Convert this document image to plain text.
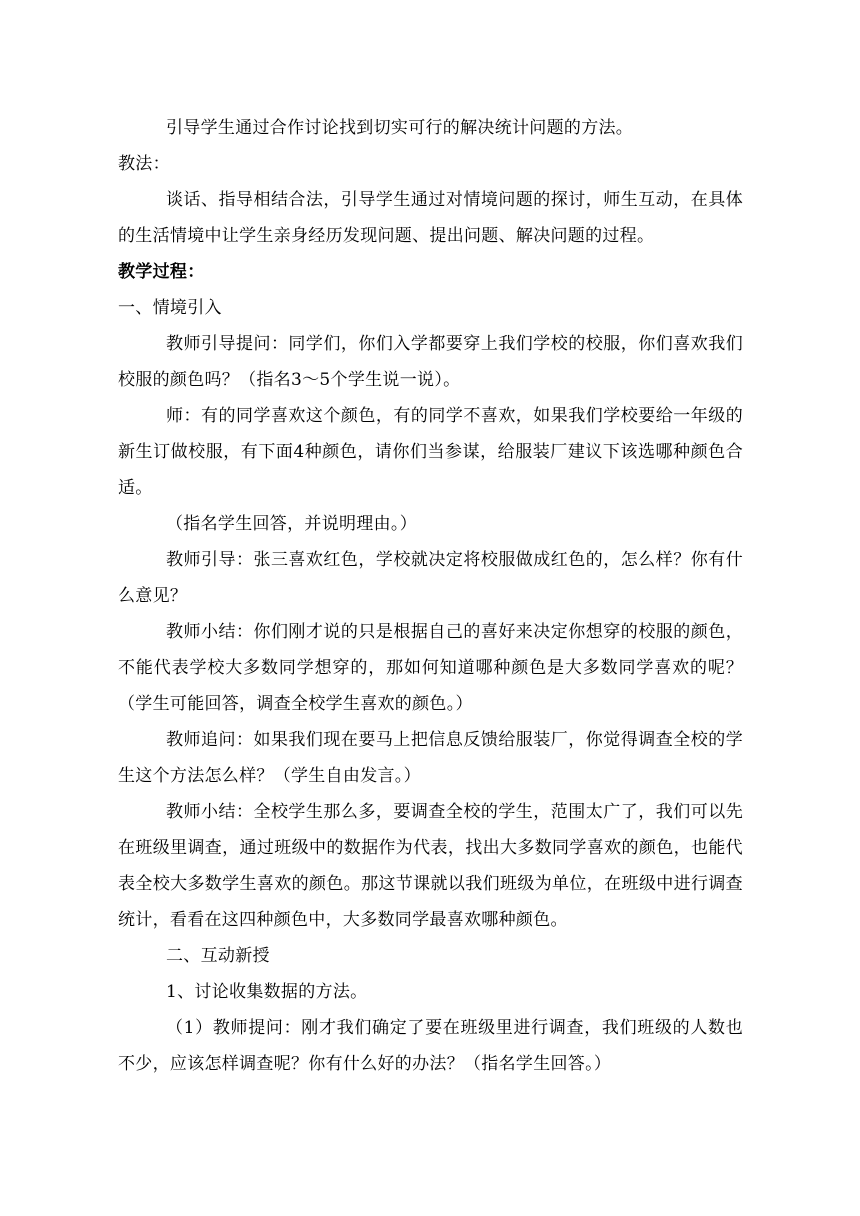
引导学生通过合作讨论找到切实可行的解决统计问题的方法。

教法：

谈话、指导相结合法，引导学生通过对情境问题的探讨，师生互动，在具体的生活情境中让学生亲身经历发现问题、提出问题、解决问题的过程。

教学过程：

一、情境引入

教师引导提问：同学们，你们入学都要穿上我们学校的校服，你们喜欢我们校服的颜色吗？（指名3～5个学生说一说）。

师：有的同学喜欢这个颜色，有的同学不喜欢，如果我们学校要给一年级的新生订做校服，有下面4种颜色，请你们当参谋，给服装厂建议下该选哪种颜色合适。

（指名学生回答，并说明理由。）

教师引导：张三喜欢红色，学校就决定将校服做成红色的，怎么样？你有什么意见？

教师小结：你们刚才说的只是根据自己的喜好来决定你想穿的校服的颜色，不能代表学校大多数同学想穿的，那如何知道哪种颜色是大多数同学喜欢的呢？（学生可能回答，调查全校学生喜欢的颜色。）

教师追问：如果我们现在要马上把信息反馈给服装厂，你觉得调查全校的学生这个方法怎么样？（学生自由发言。）

教师小结：全校学生那么多，要调查全校的学生，范围太广了，我们可以先在班级里调查，通过班级中的数据作为代表，找出大多数同学喜欢的颜色，也能代表全校大多数学生喜欢的颜色。那这节课就以我们班级为单位，在班级中进行调查统计，看看在这四种颜色中，大多数同学最喜欢哪种颜色。

二、互动新授

1、讨论收集数据的方法。

（1）教师提问：刚才我们确定了要在班级里进行调查，我们班级的人数也不少，应该怎样调查呢？你有什么好的办法？（指名学生回答。）
